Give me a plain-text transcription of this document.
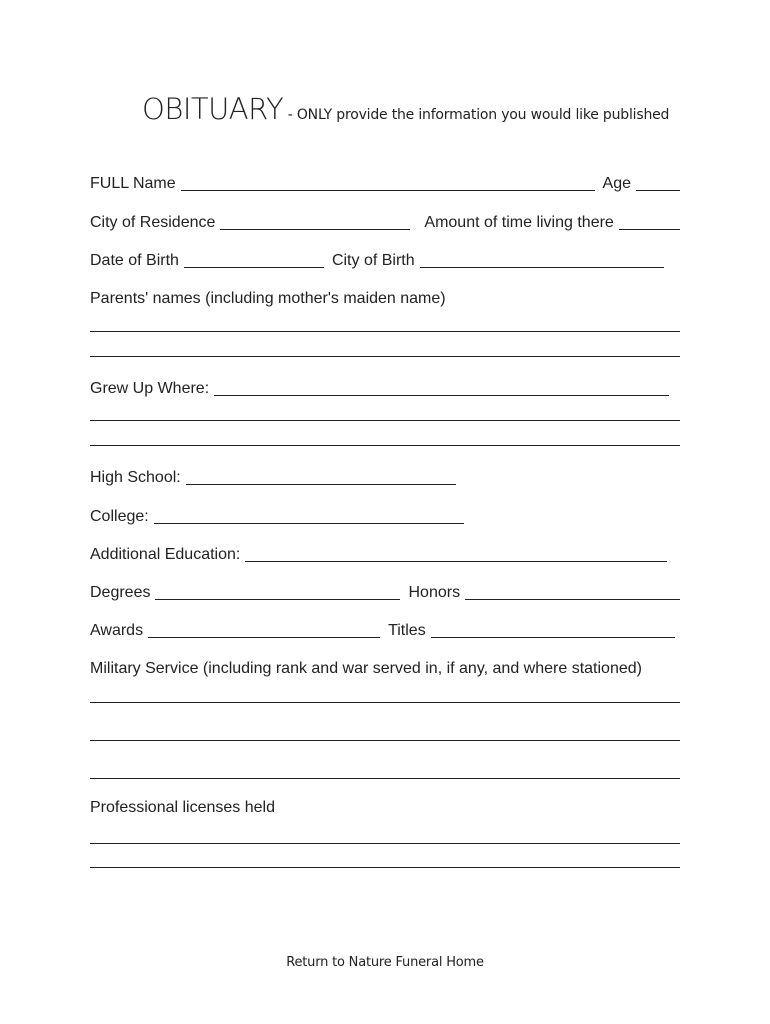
OBITUARY - ONLY provide the information you would like published
FULL Name	Age
City of Residence	Amount of time living there
Date of Birth	City of Birth
Parents' names (including mother's maiden name)
Grew Up Where:
High School:
College:
Additional Education:
Degrees	Honors
Awards	Titles
Military Service (including rank and war served in, if any, and where stationed)
Professional licenses held
Return to Nature Funeral Home
